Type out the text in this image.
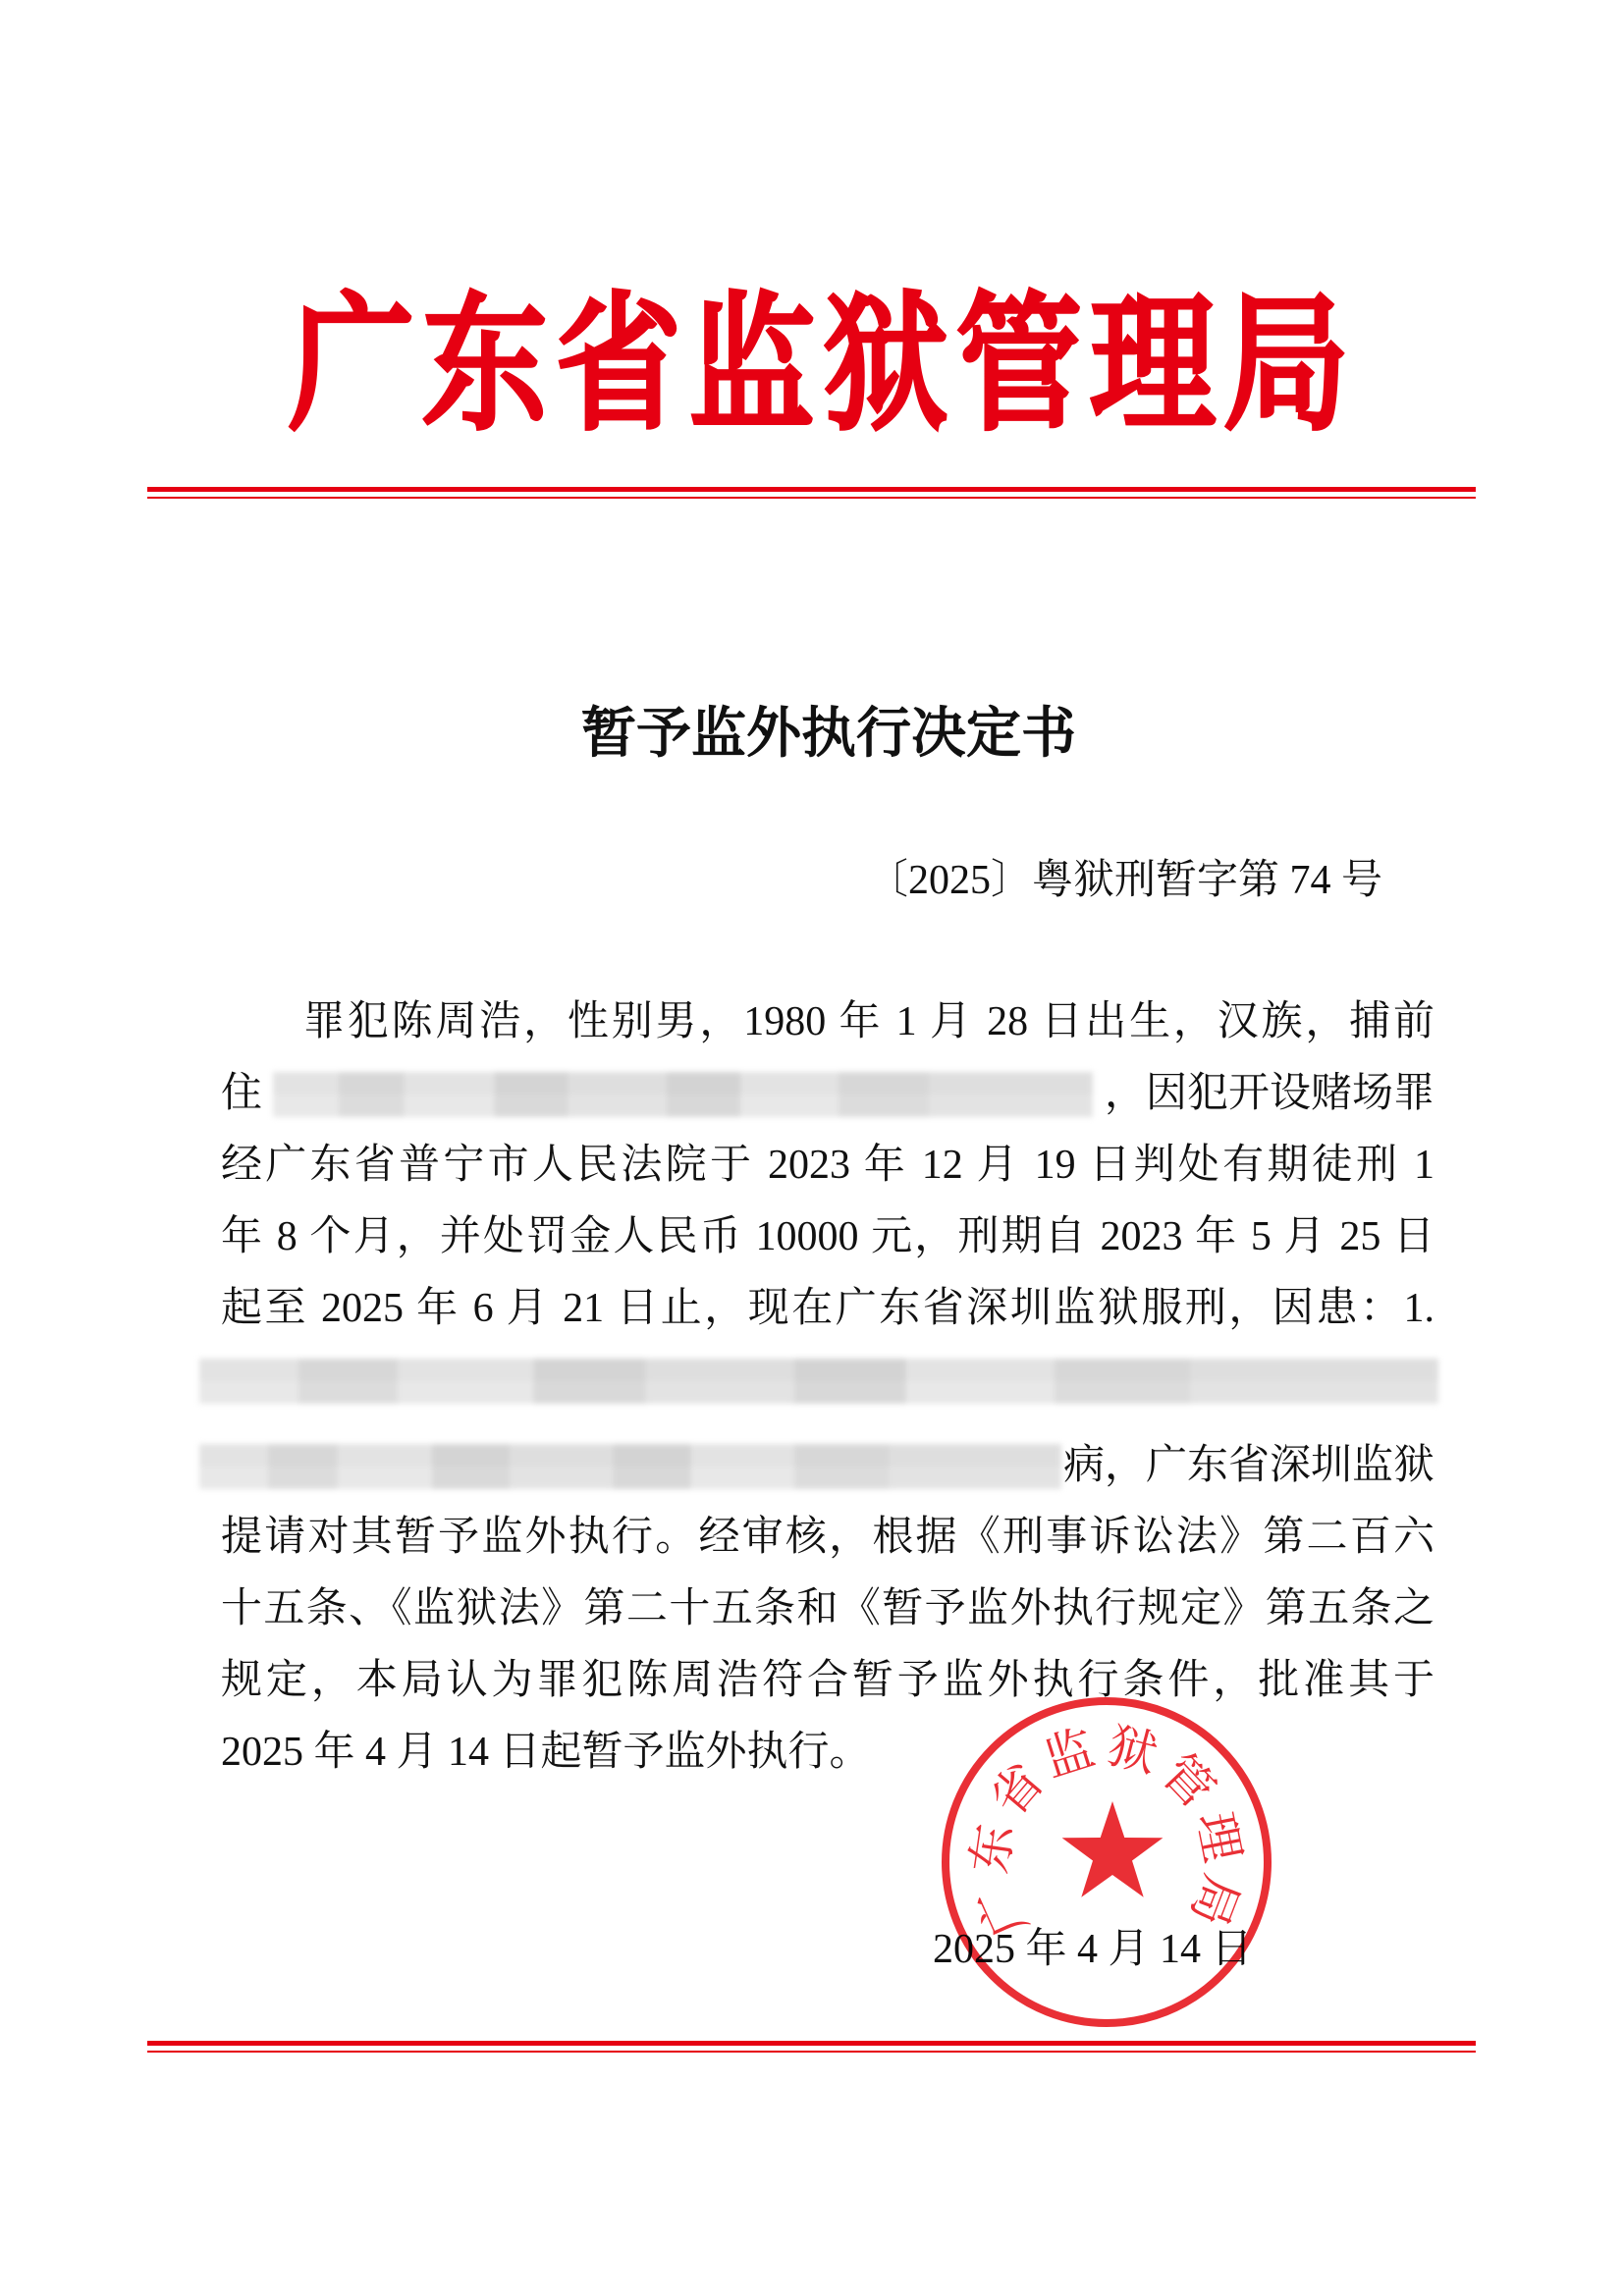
广东省监狱管理局
暂予监外执行决定书
〔2025〕粤狱刑暂字第 74 号
罪犯陈周浩，性别男，1980 年 1 月 28 日出生，汉族，捕前
住	，因犯开设赌场罪
经广东省普宁市人民法院于 2023 年 12 月 19 日判处有期徒刑 1
年 8 个月，并处罚金人民币 10000 元，刑期自 2023 年 5 月 25 日
起至 2025 年 6 月 21 日止，现在广东省深圳监狱服刑，因患：1.
病，广东省深圳监狱
提请对其暂予监外执行。经审核，根据《刑事诉讼法》第二百六
十五条、《监狱法》第二十五条和《暂予监外执行规定》第五条之
规定，本局认为罪犯陈周浩符合暂予监外执行条件，批准其于
2025 年 4 月 14 日起暂予监外执行。
2025 年 4 月 14 日
广东省监狱管理局
